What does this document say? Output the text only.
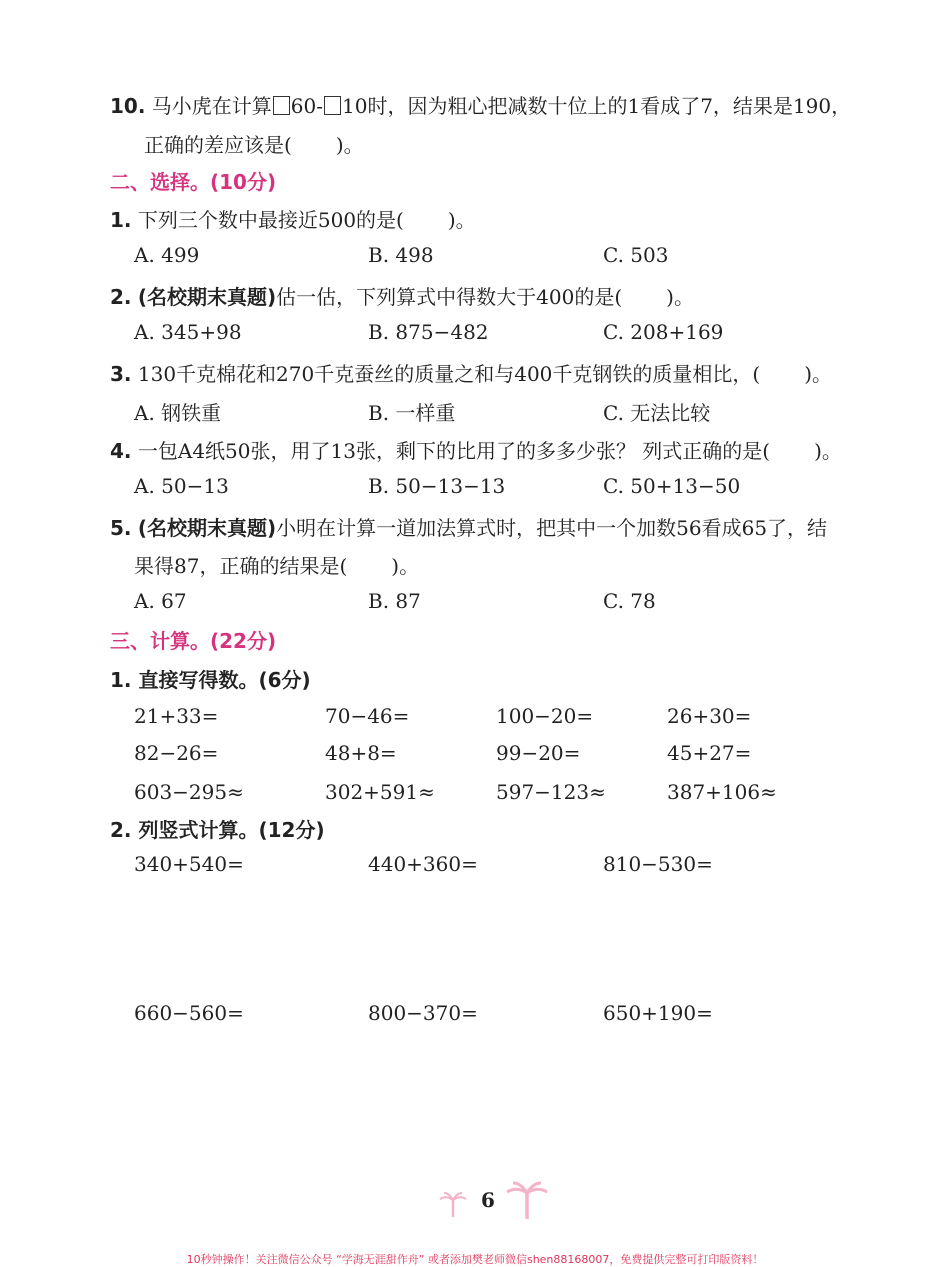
10. 马小虎在计算 60- 10时，因为粗心把减数十位上的1看成了7，结果是190，
正确的差应该是( )。
二、选择。(10分)
1. 下列三个数中最接近500的是( )。
A. 499	B. 498	C. 503
2. (名校期末真题)估一估，下列算式中得数大于400的是( )。
A. 345+98	B. 875−482	C. 208+169
3. 130千克棉花和270千克蚕丝的质量之和与400千克钢铁的质量相比，( )。
A. 钢铁重	B. 一样重	C. 无法比较
4. 一包A4纸50张，用了13张，剩下的比用了的多多少张？ 列式正确的是( )。
A. 50−13	B. 50−13−13	C. 50+13−50
5. (名校期末真题)小明在计算一道加法算式时，把其中一个加数56看成65了，结
果得87，正确的结果是( )。
A. 67	B. 87	C. 78
三、计算。(22分)
1. 直接写得数。(6分)
21+33=	70−46=	100−20=	26+30=
82−26=	48+8=	99−20=	45+27=
603−295≈	302+591≈	597−123≈	387+106≈
2. 列竖式计算。(12分)
340+540=	440+360=	810−530=
660−560=	800−370=	650+190=
6
10秒钟操作！关注微信公众号 “学海无涯甜作舟” 或者添加樊老师微信shen88168007，免费提供完整可打印版资料！
